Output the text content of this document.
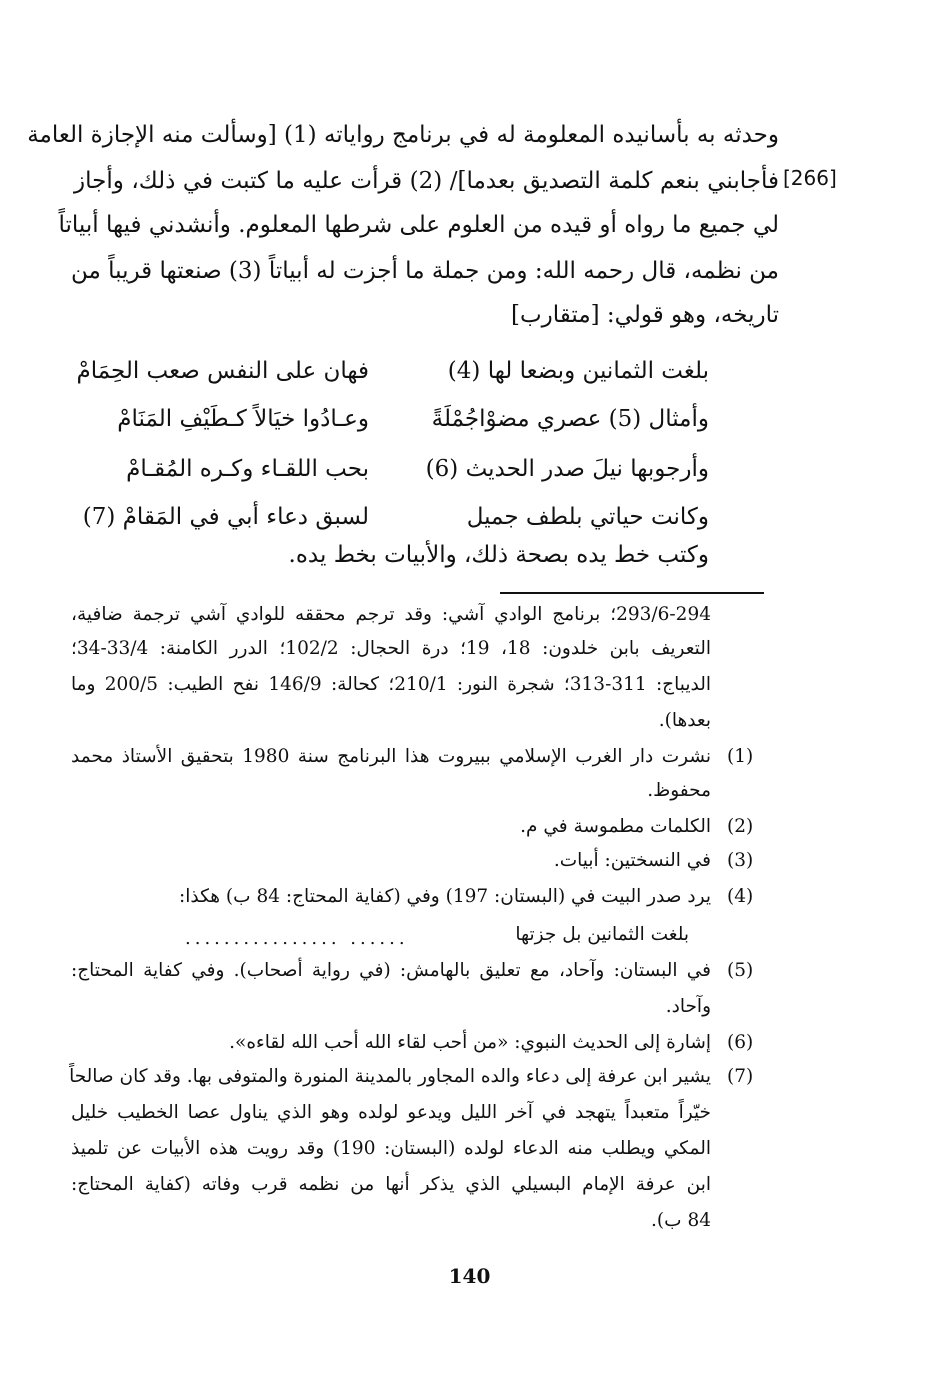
[266]
وحدثه به بأسانيده المعلومة له في برنامج رواياته (1) [وسألت منه الإجازة العامة
فأجابني بنعم كلمة التصديق بعدما]/ (2) قرأت عليه ما كتبت في ذلك، وأجاز
لي جميع ما رواه أو قيده من العلوم على شرطها المعلوم. وأنشدني فيها أبياتاً
من نظمه، قال رحمه الله: ومن جملة ما أجزت له أبياتاً (3) صنعتها قريباً من
تاريخه، وهو قولي: [متقارب]
بلغت الثمانين وبضعا لها (4)
فهان على النفس صعب الحِمَامْ
وأمثال (5) عصري مضوْاجُمْلَةً
وعـادُوا خيَالاً كـطَيْفِ المَنَامْ
وأرجوبها نيلَ صدر الحديث (6)
بحب اللقـاء وكـره المُقـامْ
وكانت حياتي بلطف جميل
لسبق دعاء أبي في المَقامْ (7)
وكتب خط يده بصحة ذلك، والأبيات بخط يده.
293/6-294؛ برنامج الوادي آشي: وقد ترجم محققه للوادي آشي ترجمة ضافية،
التعريف بابن خلدون: 18، 19؛ درة الحجال: 102/2؛ الدرر الكامنة: 33/4-34؛
الديباج: 311-313؛ شجرة النور: 210/1؛ كحالة: 146/9 نفح الطيب: 200/5 وما
بعدها).
(1)
نشرت دار الغرب الإسلامي ببيروت هذا البرنامج سنة 1980 بتحقيق الأستاذ محمد
محفوظ.
(2)
الكلمات مطموسة في م.
(3)
في النسختين: أبيات.
(4)
يرد صدر البيت في (البستان: 197) وفي (كفاية المحتاج: 84 ب) هكذا:
بلغت الثمانين بل جزتها
................ ......
(5)
في البستان: وآحاد، مع تعليق بالهامش: (في رواية أصحاب). وفي كفاية المحتاج:
وآحاد.
(6)
إشارة إلى الحديث النبوي: «من أحب لقاء الله أحب الله لقاءه».
(7)
يشير ابن عرفة إلى دعاء والده المجاور بالمدينة المنورة والمتوفى بها. وقد كان صالحاً
خيّراً متعبداً يتهجد في آخر الليل ويدعو لولده وهو الذي يناول عصا الخطيب خليل
المكي ويطلب منه الدعاء لولده (البستان: 190) وقد رويت هذه الأبيات عن تلميذ
ابن عرفة الإمام البسيلي الذي يذكر أنها من نظمه قرب وفاته (كفاية المحتاج:
84 ب).
140
